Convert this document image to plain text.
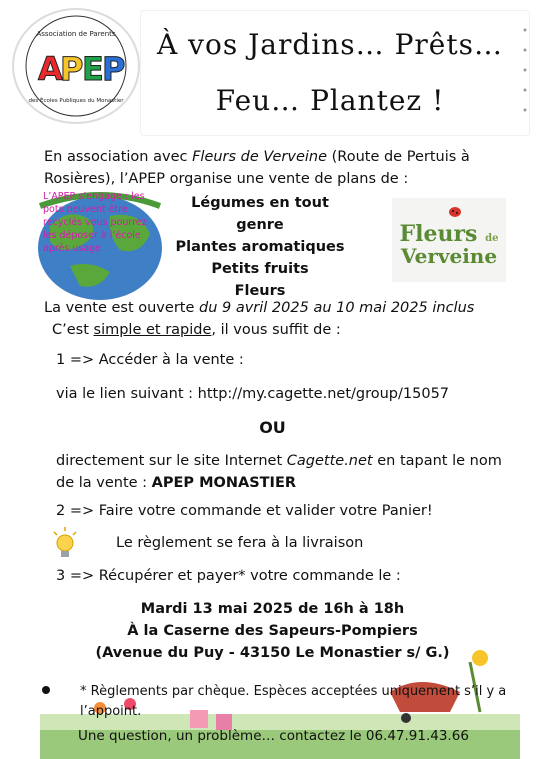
Association de Parents
A
P
E
P
des Écoles Publiques du Monastier
À vos Jardins… Prêts…
Feu… Plantez !
En association avec Fleurs de Verveine (Route de Pertuis à Rosières), l’APEP organise une vente de plans de :
L’APEP s’engage : les pots peuvent être recyclés vous pourrez les déposer à l’école après usage
Légumes en tout genre
Plantes aromatiques
Petits fruits
Fleurs
Fleurs de
Verveine
La vente est ouverte du 9 avril 2025 au 10 mai 2025 inclus
C’est simple et rapide, il vous suffit de :
1 => Accéder à la vente :
via le lien suivant : http://my.cagette.net/group/15057
OU
directement sur le site Internet Cagette.net en tapant le nom de la vente : APEP MONASTIER
2 => Faire votre commande et valider votre Panier!
Le règlement se fera à la livraison
3 => Récupérer et payer* votre commande le :
Mardi 13 mai 2025 de 16h à 18h
À la Caserne des Sapeurs-Pompiers
(Avenue du Puy - 43150 Le Monastier s/ G.)
* Règlements par chèque. Espèces acceptées uniquement s’il y a l’appoint.
Une question, un problème… contactez le 06.47.91.43.66
